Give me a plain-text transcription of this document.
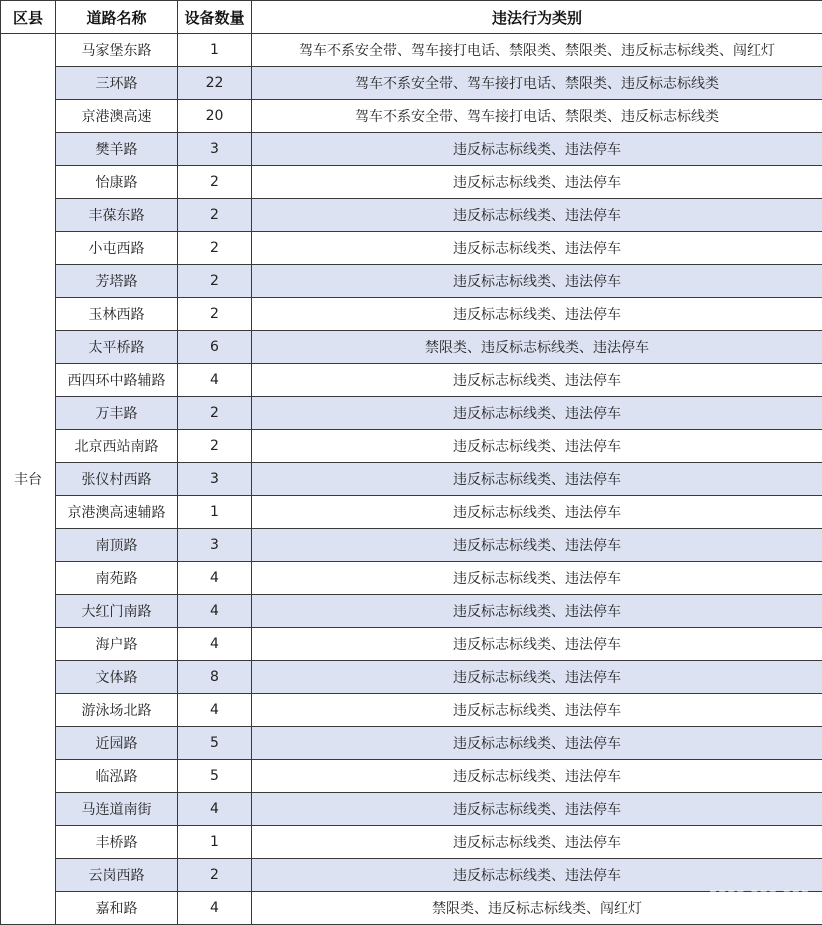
区县	道路名称	设备数量	违法行为类别
丰台	马家堡东路	1	驾车不系安全带、驾车接打电话、禁限类、禁限类、违反标志标线类、闯红灯
	三环路	22	驾车不系安全带、驾车接打电话、禁限类、违反标志标线类
	京港澳高速	20	驾车不系安全带、驾车接打电话、禁限类、违反标志标线类
	樊羊路	3	违反标志标线类、违法停车
	怡康路	2	违反标志标线类、违法停车
	丰葆东路	2	违反标志标线类、违法停车
	小屯西路	2	违反标志标线类、违法停车
	芳塔路	2	违反标志标线类、违法停车
	玉林西路	2	违反标志标线类、违法停车
	太平桥路	6	禁限类、违反标志标线类、违法停车
	西四环中路辅路	4	违反标志标线类、违法停车
	万丰路	2	违反标志标线类、违法停车
	北京西站南路	2	违反标志标线类、违法停车
	张仪村西路	3	违反标志标线类、违法停车
	京港澳高速辅路	1	违反标志标线类、违法停车
	南顶路	3	违反标志标线类、违法停车
	南苑路	4	违反标志标线类、违法停车
	大红门南路	4	违反标志标线类、违法停车
	海户路	4	违反标志标线类、违法停车
	文体路	8	违反标志标线类、违法停车
	游泳场北路	4	违反标志标线类、违法停车
	近园路	5	违反标志标线类、违法停车
	临泓路	5	违反标志标线类、违法停车
	马连道南街	4	违反标志标线类、违法停车
	丰桥路	1	违反标志标线类、违法停车
	云岗西路	2	违反标志标线类、违法停车
	嘉和路	4	禁限类、违反标志标线类、闯红灯
▪▪▪▪ ▪▪▪ ▪▪▪
